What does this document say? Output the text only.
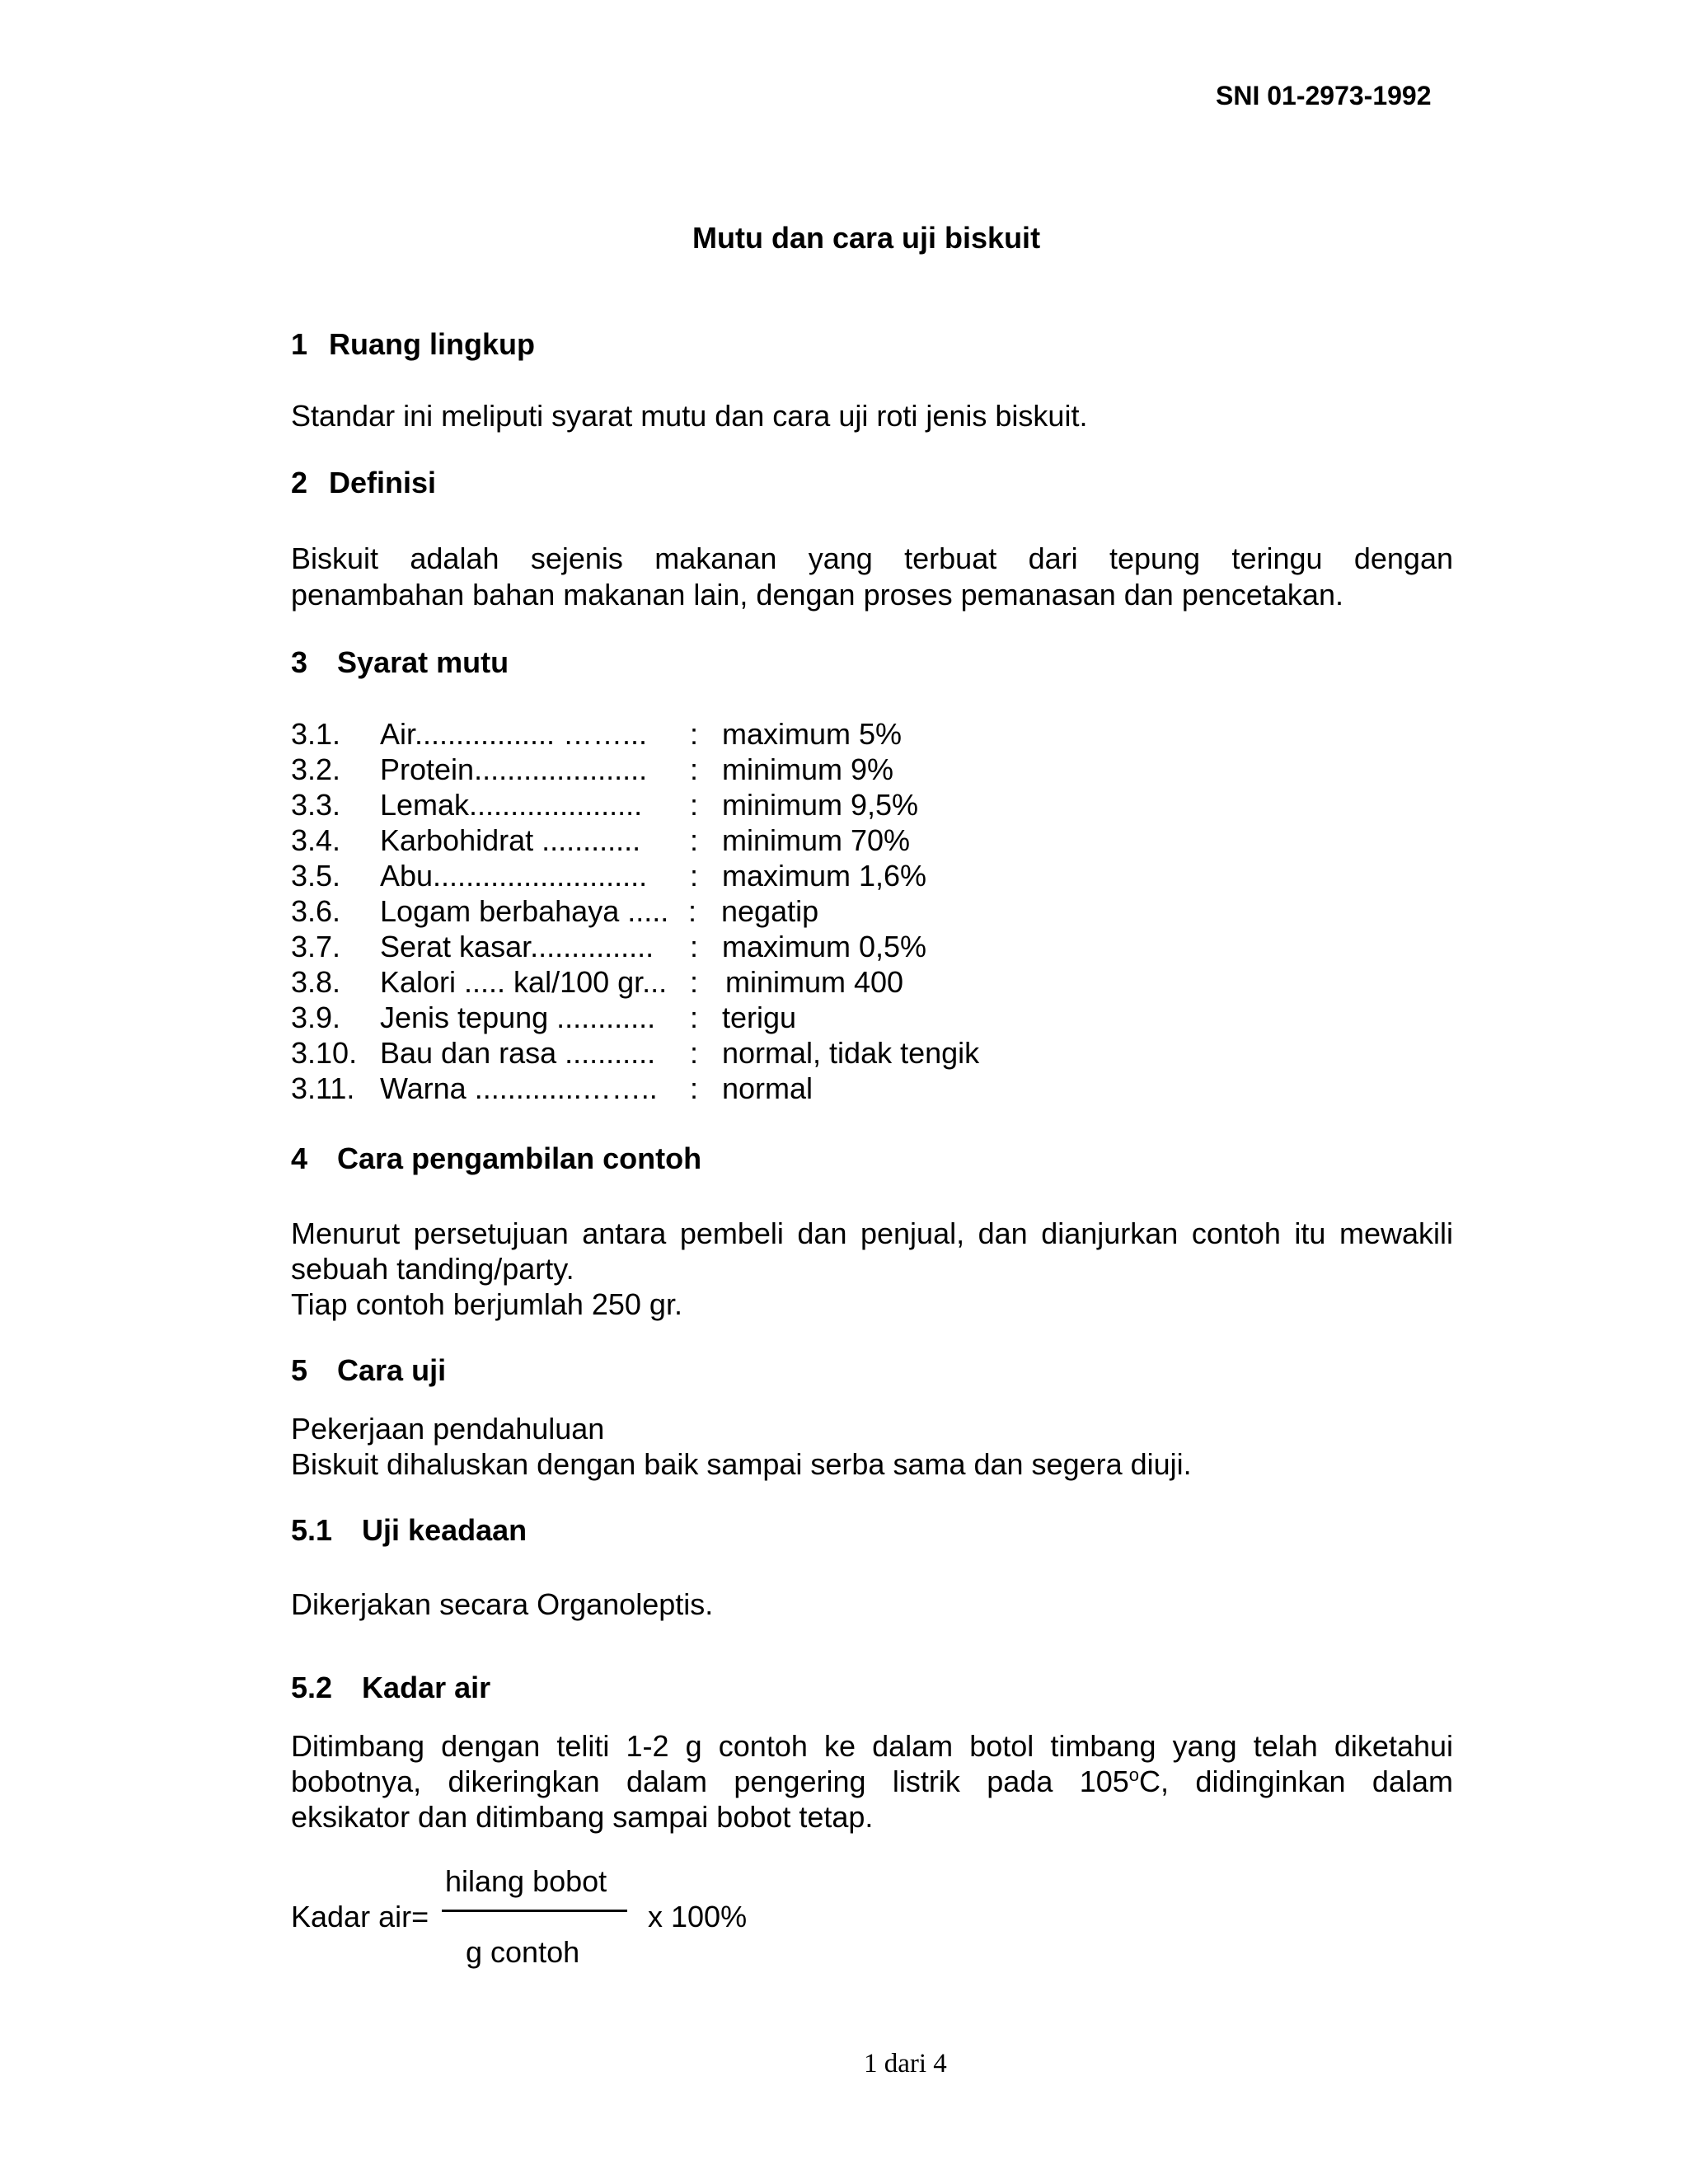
SNI 01-2973-1992
Mutu dan cara uji biskuit
1 Ruang lingkup
Standar ini meliputi syarat mutu dan cara uji roti jenis biskuit.
2 Definisi
Biskuit adalah sejenis makanan yang terbuat dari tepung teringu dengan
penambahan bahan makanan lain, dengan proses pemanasan dan pencetakan.
3 Syarat mutu
3.1. Air................. ……... : maximum 5%
3.2. Protein..................... : minimum 9%
3.3. Lemak..................... : minimum 9,5%
3.4. Karbohidrat ............ : minimum 70%
3.5. Abu.......................... : maximum 1,6%
3.6. Logam berbahaya ..... : negatip
3.7. Serat kasar............... : maximum 0,5%
3.8. Kalori ..... kal/100 gr... : minimum 400
3.9. Jenis tepung ............ : terigu
3.10. Bau dan rasa ........... : normal, tidak tengik
3.11. Warna .............…….. : normal
4 Cara pengambilan contoh
Menurut persetujuan antara pembeli dan penjual, dan dianjurkan contoh itu mewakili
sebuah tanding/party.
Tiap contoh berjumlah 250 gr.
5 Cara uji
Pekerjaan pendahuluan
Biskuit dihaluskan dengan baik sampai serba sama dan segera diuji.
5.1 Uji keadaan
Dikerjakan secara Organoleptis.
5.2 Kadar air
Ditimbang dengan teliti 1-2 g contoh ke dalam botol timbang yang telah diketahui
bobotnya, dikeringkan dalam pengering listrik pada 105$^o$C, didinginkan dalam
eksikator dan ditimbang sampai bobot tetap.
hilang bobot
g contoh
Kadar air=	x 100%
1 dari 4
